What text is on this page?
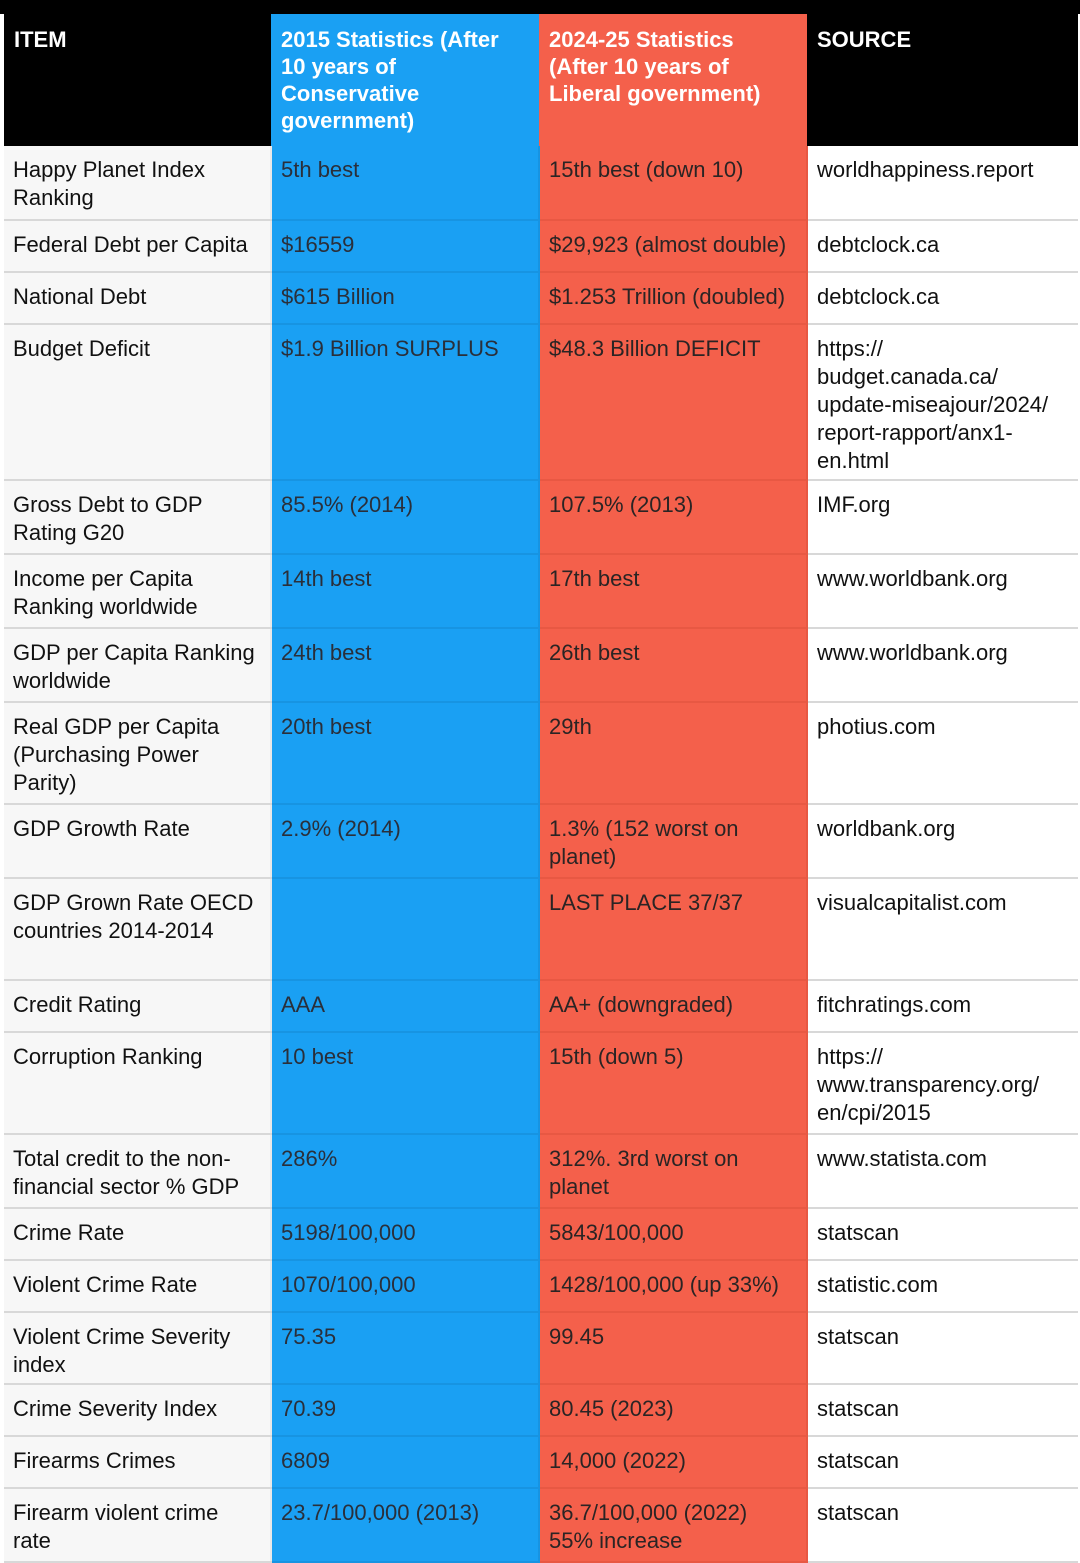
ITEM	2015 Statistics (After 10 years of Conservative government)	2024-25 Statistics (After 10 years of Liberal government)	SOURCE
Happy Planet Index Ranking	5th best	15th best (down 10)	worldhappiness.report
Federal Debt per Capita	$16559	$29,923 (almost double)	debtclock.ca
National Debt	$615 Billion	$1.253 Trillion (doubled)	debtclock.ca
Budget Deficit	$1.9 Billion SURPLUS	$48.3 Billion DEFICIT	https:// budget.canada.ca/ update-miseajour/2024/ report-rapport/anx1-en.html
Gross Debt to GDP Rating G20	85.5% (2014)	107.5% (2013)	IMF.org
Income per Capita Ranking worldwide	14th best	17th best	www.worldbank.org
GDP per Capita Ranking worldwide	24th best	26th best	www.worldbank.org
Real GDP per Capita (Purchasing Power Parity)	20th best	29th	photius.com
GDP Growth Rate	2.9% (2014)	1.3% (152 worst on planet)	worldbank.org
GDP Grown Rate OECD countries 2014-2014		LAST PLACE 37/37	visualcapitalist.com
Credit Rating	AAA	AA+ (downgraded)	fitchratings.com
Corruption Ranking	10 best	15th (down 5)	https:// www.transparency.org/ en/cpi/2015
Total credit to the non-financial sector % GDP	286%	312%. 3rd worst on planet	www.statista.com
Crime Rate	5198/100,000	5843/100,000	statscan
Violent Crime Rate	1070/100,000	1428/100,000 (up 33%)	statistic.com
Violent Crime Severity index	75.35	99.45	statscan
Crime Severity Index	70.39	80.45 (2023)	statscan
Firearms Crimes	6809	14,000 (2022)	statscan
Firearm violent crime rate	23.7/100,000 (2013)	36.7/100,000 (2022) 55% increase	statscan
